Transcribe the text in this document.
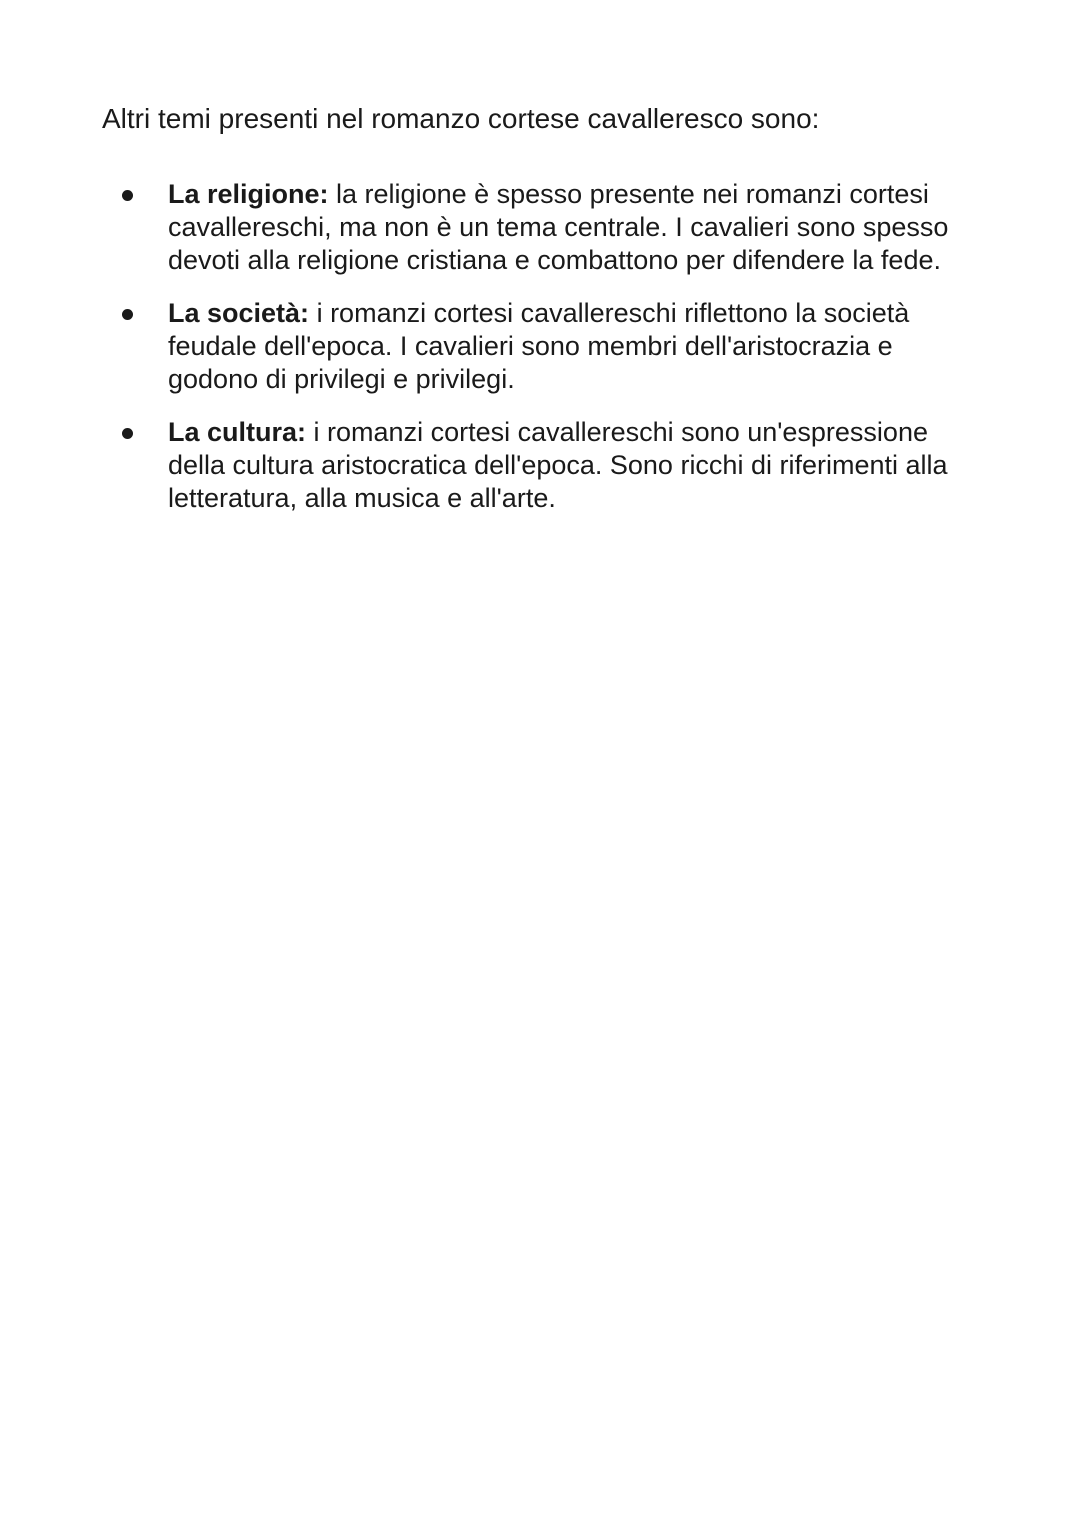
Altri temi presenti nel romanzo cortese cavalleresco sono:

La religione: la religione è spesso presente nei romanzi cortesi cavallereschi, ma non è un tema centrale. I cavalieri sono spesso devoti alla religione cristiana e combattono per difendere la fede.
La società: i romanzi cortesi cavallereschi riflettono la società feudale dell'epoca. I cavalieri sono membri dell'aristocrazia e godono di privilegi e privilegi.
La cultura: i romanzi cortesi cavallereschi sono un'espressione della cultura aristocratica dell'epoca. Sono ricchi di riferimenti alla letteratura, alla musica e all'arte.
